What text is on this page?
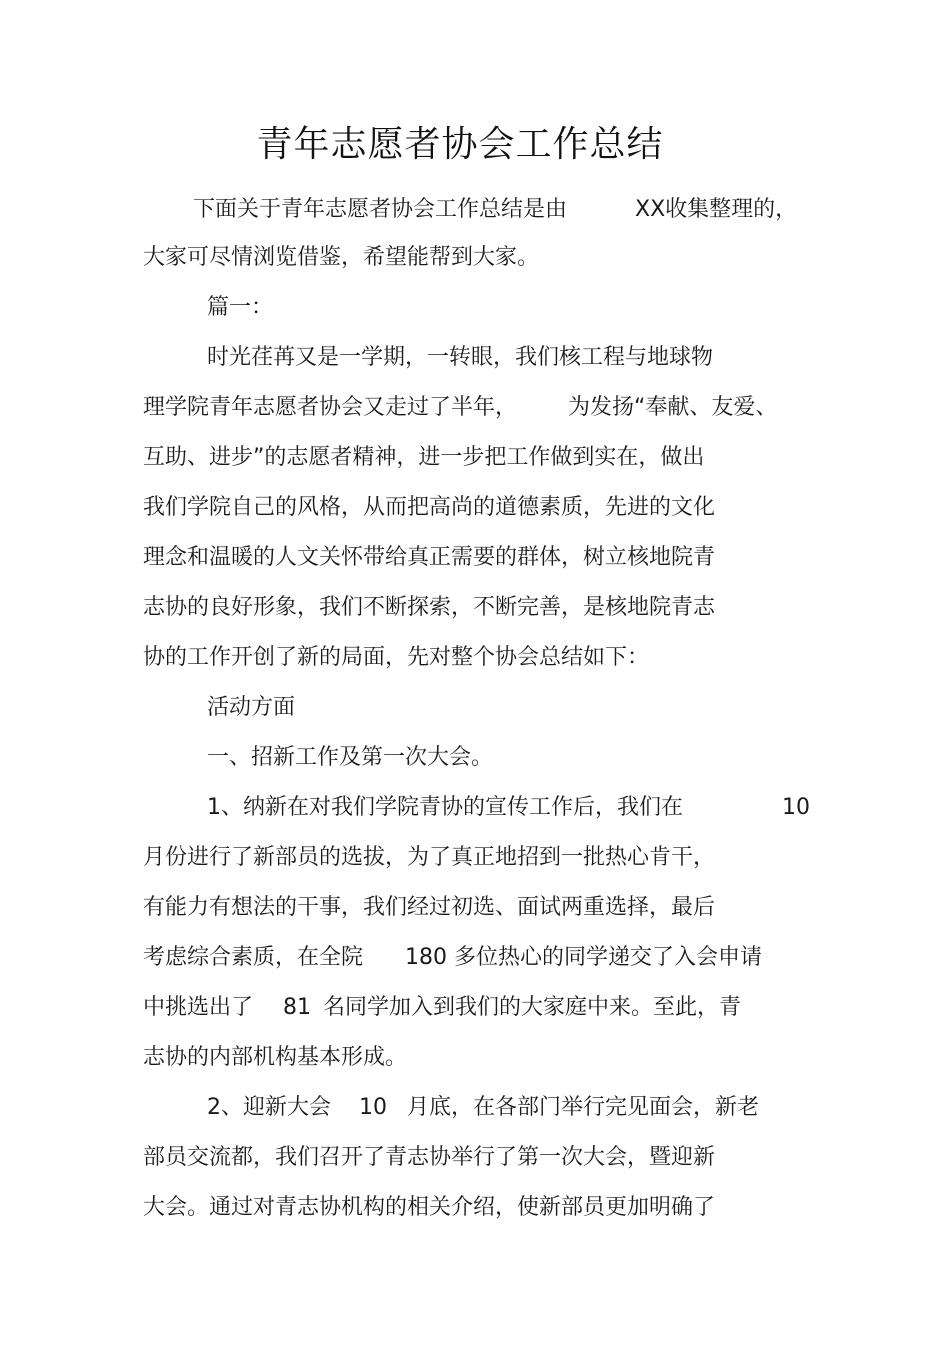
青年志愿者协会工作总结
下面关于青年志愿者协会工作总结是由	XX收集整理的，
大家可尽情浏览借鉴，希望能帮到大家。
篇一：
时光荏苒又是一学期，一转眼，我们核工程与地球物
理学院青年志愿者协会又走过了半年， 为发扬“奉献、友爱、
互助、进步”的志愿者精神，进一步把工作做到实在，做出
我们学院自己的风格，从而把高尚的道德素质，先进的文化
理念和温暖的人文关怀带给真正需要的群体，树立核地院青
志协的良好形象，我们不断探索，不断完善，是核地院青志
协的工作开创了新的局面，先对整个协会总结如下：
活动方面
一、招新工作及第一次大会。
1、纳新在对我们学院青协的宣传工作后，我们在	10
月份进行了新部员的选拔，为了真正地招到一批热心肯干，
有能力有想法的干事，我们经过初选、面试两重选择，最后
考虑综合素质，在全院 180 多位热心的同学递交了入会申请
中挑选出了 81 名同学加入到我们的大家庭中来。至此，青
志协的内部机构基本形成。
2、迎新大会 10 月底，在各部门举行完见面会，新老
部员交流都，我们召开了青志协举行了第一次大会，暨迎新
大会。通过对青志协机构的相关介绍，使新部员更加明确了
